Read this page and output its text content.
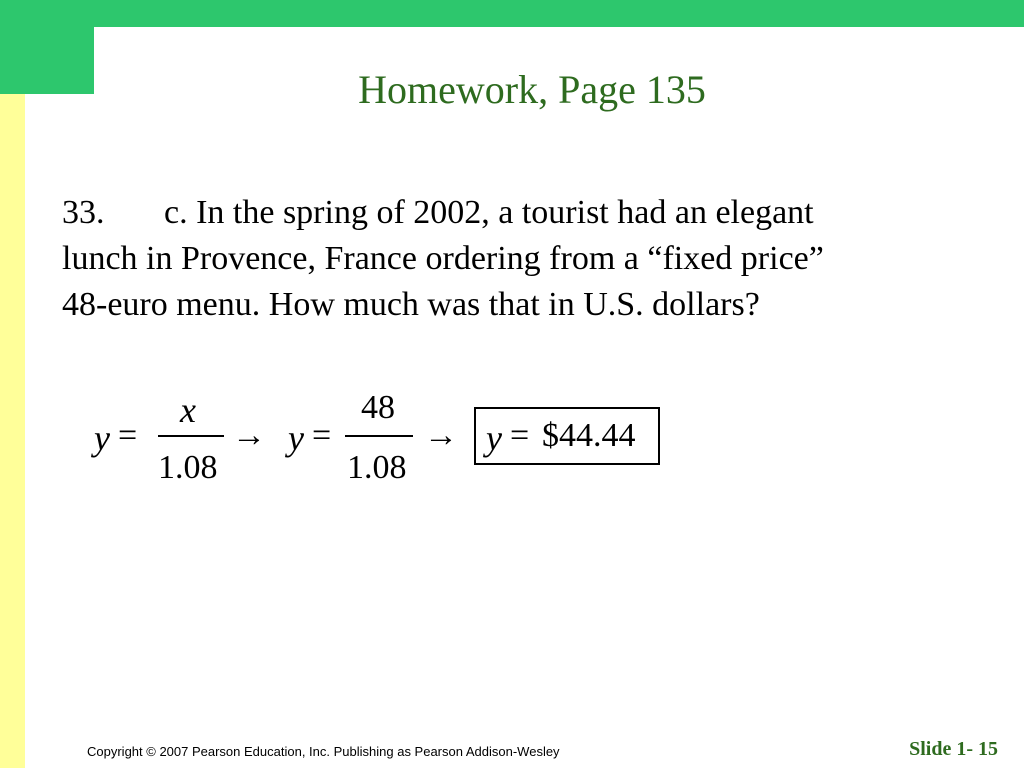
Homework, Page 135
33. c. In the spring of 2002, a tourist had an elegant
lunch in Provence, France ordering from a “fixed price”
48-euro menu. How much was that in U.S. dollars?
y =
x
1.08
→ y =
48
1.08
→ y = $44.44
Copyright © 2007 Pearson Education, Inc. Publishing as Pearson Addison-Wesley	Slide 1- 15
